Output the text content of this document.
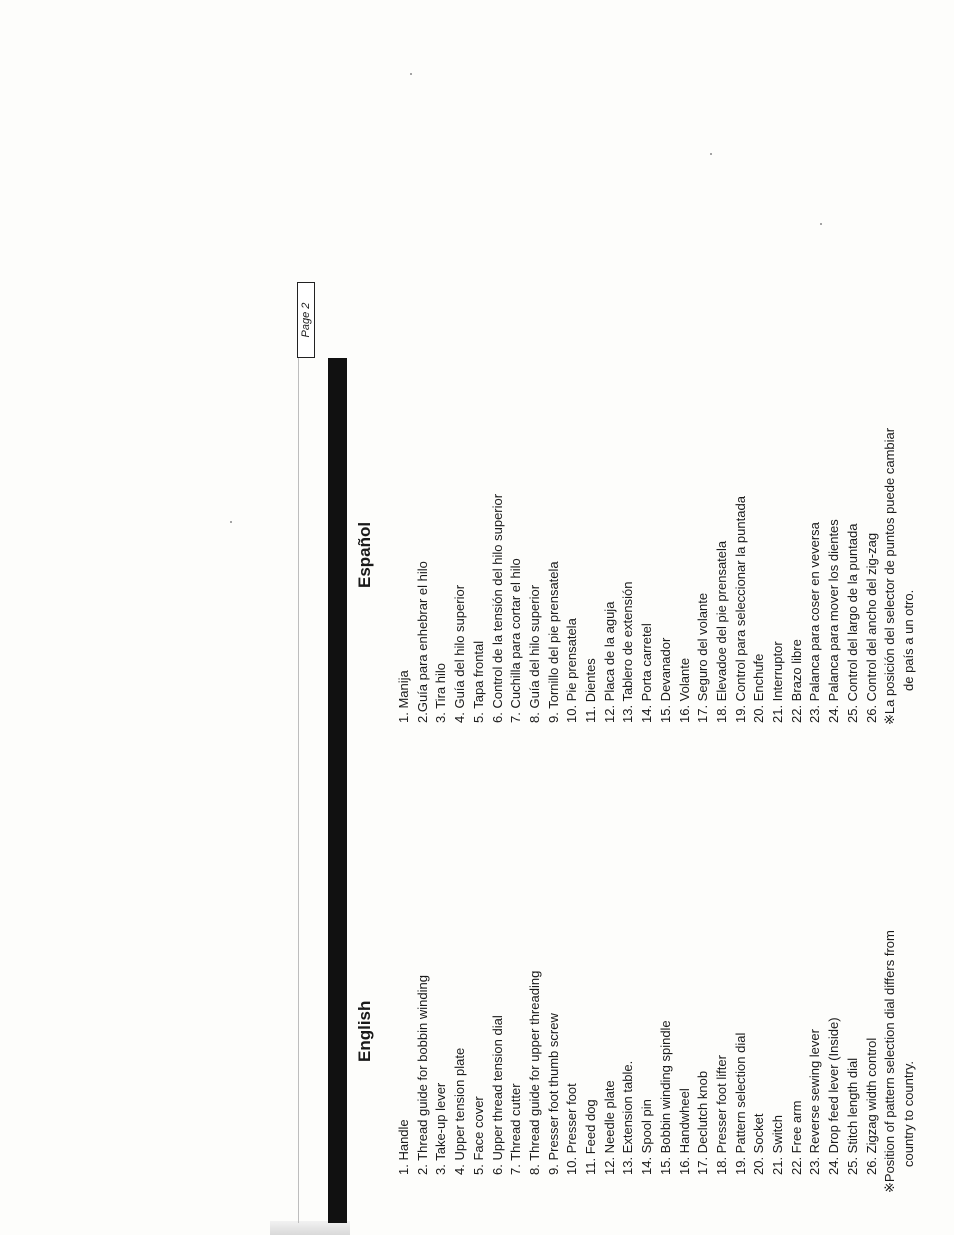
Page 2
English
Español
1. Handle 2. Thread guide for bobbin winding 3. Take-up lever 4. Upper tension plate 5. Face cover 6. Upper thread tension dial 7. Thread cutter 8. Thread guide for upper threading 9. Presser foot thumb screw 10. Presser foot 11. Feed dog 12. Needle plate 13. Extension table. 14. Spool pin 15. Bobbin winding spindle 16. Handwheel 17. Declutch knob 18. Presser foot lifter 19. Pattern selection dial 20. Socket 21. Switch 22. Free arm 23. Reverse sewing lever 24. Drop feed lever (Inside) 25. Stitch length dial 26. Zigzag width control
1. Manija 2.Guía para enhebrar el hilo 3. Tira hilo 4. Guía del hilo superior 5. Tapa frontal 6. Control de la tensión del hilo superior 7. Cuchilla para cortar el hilo 8. Guía del hilo superior 9. Tornillo del pie prensatela 10. Pie prensatela 11. Dientes 12. Placa de la aguja 13. Tablero de extensión 14. Porta carretel 15. Devanador 16. Volante 17. Seguro del volante 18. Elevadoe del pie prensatela 19. Control para seleccionar la puntada 20. Enchufe 21. Interruptor 22. Brazo libre 23. Palanca para coser en veversa 24. Palanca para mover los dientes 25. Control del largo de la puntada 26. Control del ancho del zig-zag

※Position of pattern selection dial differs from country to country.

※La posición del selector de puntos puede cambiar de país a un otro.
